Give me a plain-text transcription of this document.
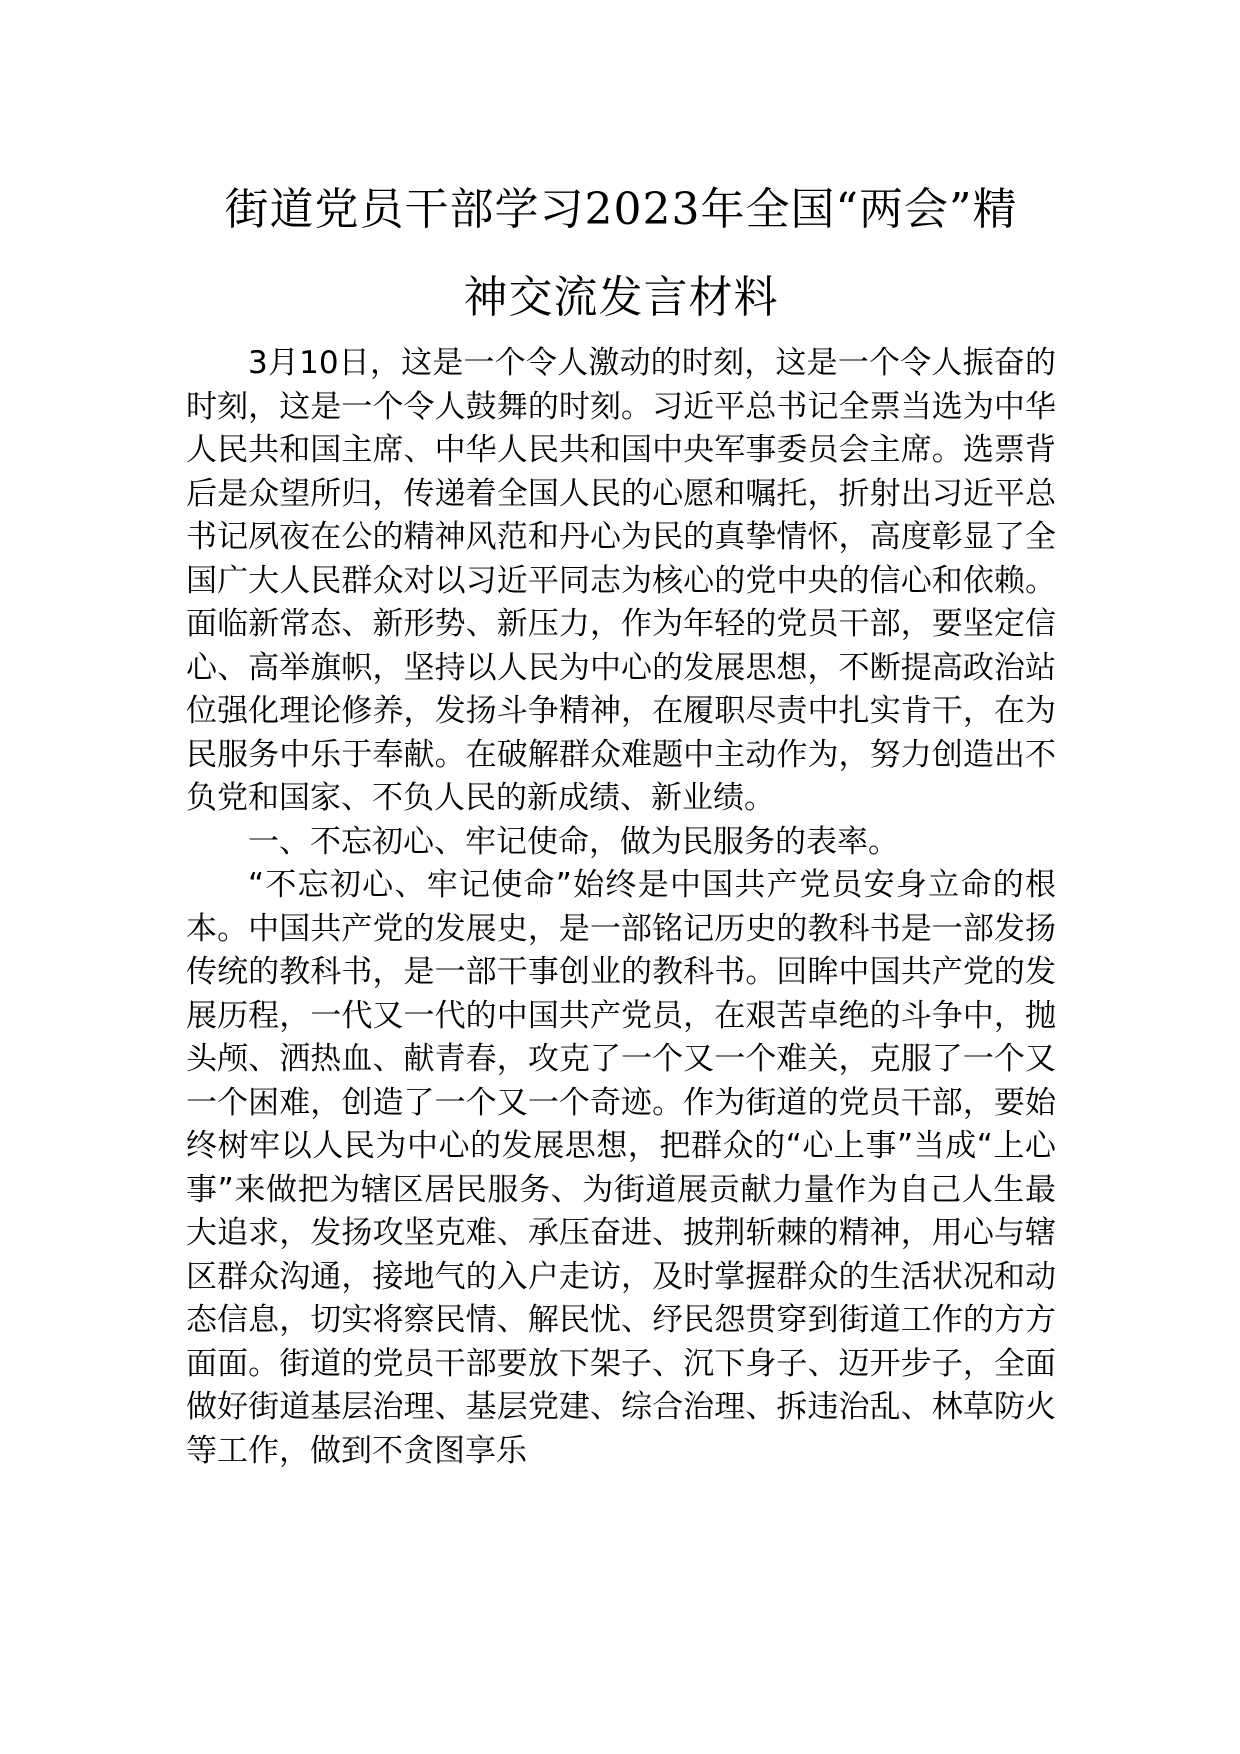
街道党员干部学习2023年全国“两会”精
神交流发言材料

3月10日，这是一个令人激动的时刻，这是一个令人振奋的时刻，这是一个令人鼓舞的时刻。习近平总书记全票当选为中华人民共和国主席、中华人民共和国中央军事委员会主席。选票背后是众望所归，传递着全国人民的心愿和嘱托，折射出习近平总书记夙夜在公的精神风范和丹心为民的真挚情怀，高度彰显了全国广大人民群众对以习近平同志为核心的党中央的信心和依赖。面临新常态、新形势、新压力，作为年轻的党员干部，要坚定信心、高举旗帜，坚持以人民为中心的发展思想，不断提高政治站位强化理论修养，发扬斗争精神，在履职尽责中扎实肯干，在为民服务中乐于奉献。在破解群众难题中主动作为，努力创造出不负党和国家、不负人民的新成绩、新业绩。

一、不忘初心、牢记使命，做为民服务的表率。

“不忘初心、牢记使命”始终是中国共产党员安身立命的根本。中国共产党的发展史，是一部铭记历史的教科书是一部发扬传统的教科书，是一部干事创业的教科书。回眸中国共产党的发展历程，一代又一代的中国共产党员，在艰苦卓绝的斗争中，抛头颅、洒热血、献青春，攻克了一个又一个难关，克服了一个又一个困难，创造了一个又一个奇迹。作为街道的党员干部，要始终树牢以人民为中心的发展思想，把群众的“心上事”当成“上心事”来做把为辖区居民服务、为街道展贡献力量作为自己人生最大追求，发扬攻坚克难、承压奋进、披荆斩棘的精神，用心与辖区群众沟通，接地气的入户走访，及时掌握群众的生活状况和动态信息，切实将察民情、解民忧、纾民怨贯穿到街道工作的方方面面。街道的党员干部要放下架子、沉下身子、迈开步子，全面做好街道基层治理、基层党建、综合治理、拆违治乱、林草防火等工作，做到不贪图享乐
